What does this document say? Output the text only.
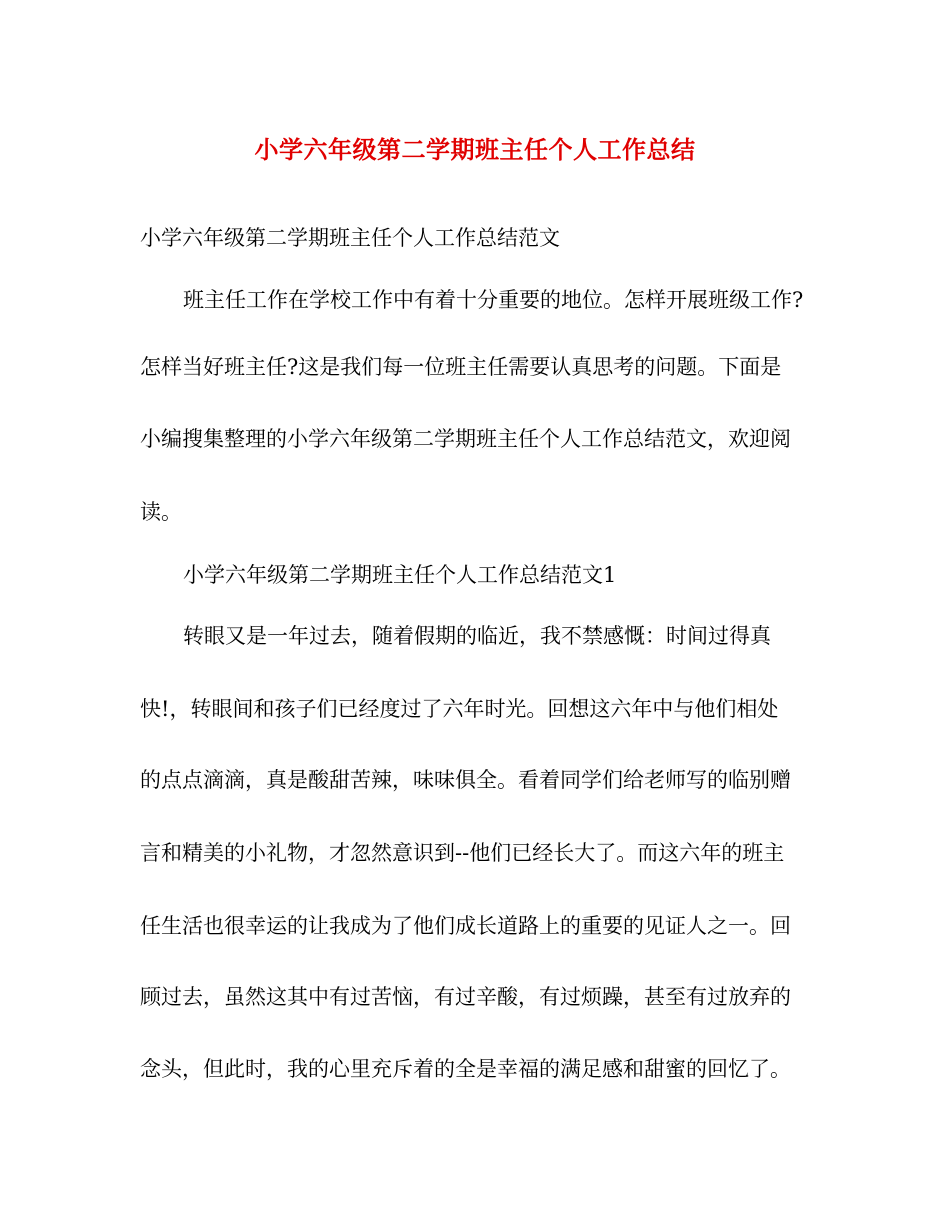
小学六年级第二学期班主任个人工作总结
小学六年级第二学期班主任个人工作总结范文
班主任工作在学校工作中有着十分重要的地位。怎样开展班级工作?
怎样当好班主任?这是我们每一位班主任需要认真思考的问题。下面是
小编搜集整理的小学六年级第二学期班主任个人工作总结范文，欢迎阅
读。
小学六年级第二学期班主任个人工作总结范文1
转眼又是一年过去，随着假期的临近，我不禁感慨：时间过得真
快!，转眼间和孩子们已经度过了六年时光。回想这六年中与他们相处
的点点滴滴，真是酸甜苦辣，味味俱全。看着同学们给老师写的临别赠
言和精美的小礼物，才忽然意识到--他们已经长大了。而这六年的班主
任生活也很幸运的让我成为了他们成长道路上的重要的见证人之一。回
顾过去，虽然这其中有过苦恼，有过辛酸，有过烦躁，甚至有过放弃的
念头，但此时，我的心里充斥着的全是幸福的满足感和甜蜜的回忆了。
